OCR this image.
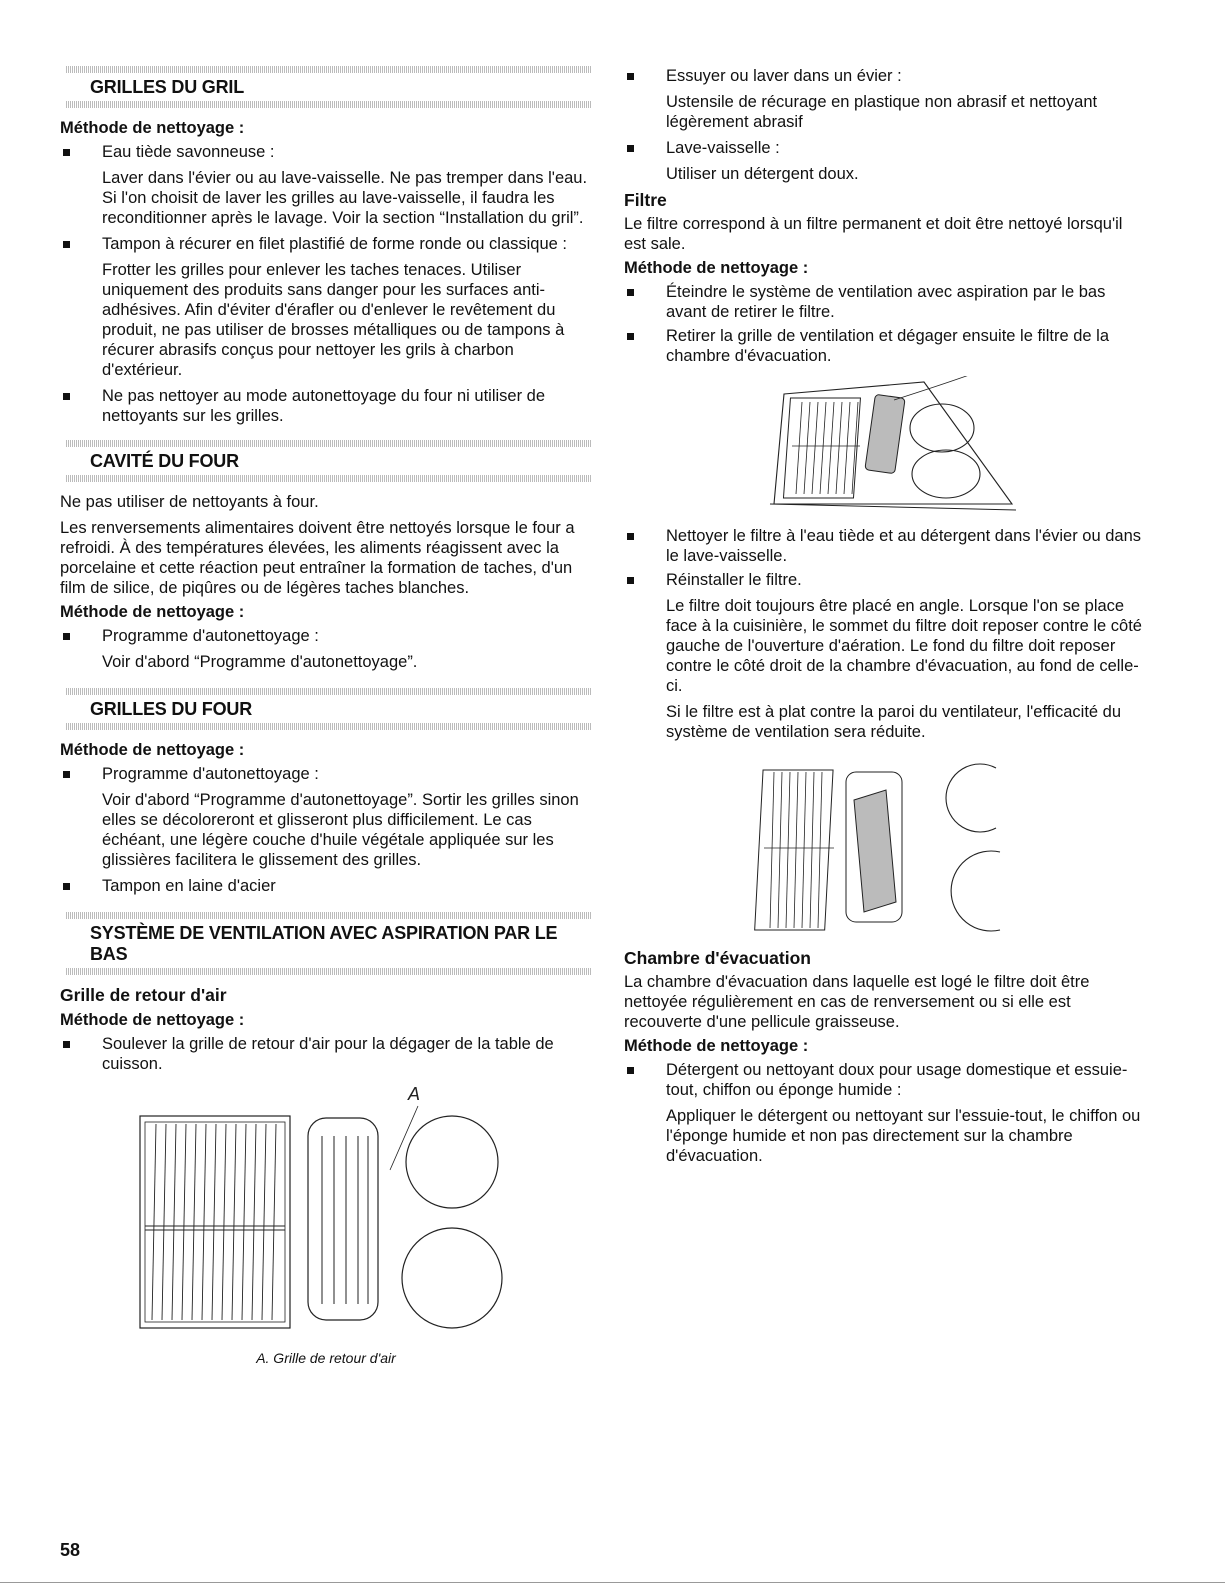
GRILLES DU GRIL
Méthode de nettoyage :

Eau tiède savonneuse :

Laver dans l'évier ou au lave-vaisselle. Ne pas tremper dans l'eau. Si l'on choisit de laver les grilles au lave-vaisselle, il faudra les reconditionner après le lavage. Voir la section “Installation du gril”.

Tampon à récurer en filet plastifié de forme ronde ou classique :

Frotter les grilles pour enlever les taches tenaces. Utiliser uniquement des produits sans danger pour les surfaces anti-adhésives. Afin d'éviter d'érafler ou d'enlever le revêtement du produit, ne pas utiliser de brosses métalliques ou de tampons à récurer abrasifs conçus pour nettoyer les grils à charbon d'extérieur.

Ne pas nettoyer au mode autonettoyage du four ni utiliser de nettoyants sur les grilles.

CAVITÉ DU FOUR

Ne pas utiliser de nettoyants à four.

Les renversements alimentaires doivent être nettoyés lorsque le four a refroidi. À des températures élevées, les aliments réagissent avec la porcelaine et cette réaction peut entraîner la formation de taches, d'un film de silice, de piqûres ou de légères taches blanches.

Méthode de nettoyage :

Programme d'autonettoyage :

Voir d'abord “Programme d'autonettoyage”.

GRILLES DU FOUR
Méthode de nettoyage :

Programme d'autonettoyage :

Voir d'abord “Programme d'autonettoyage”. Sortir les grilles sinon elles se décoloreront et glisseront plus difficilement. Le cas échéant, une légère couche d'huile végétale appliquée sur les glissières facilitera le glissement des grilles.

Tampon en laine d'acier

SYSTÈME DE VENTILATION AVEC ASPIRATION PAR LE BAS
Grille de retour d'air
Méthode de nettoyage :

Soulever la grille de retour d'air pour la dégager de la table de cuisson.

A

A. Grille de retour d'air

Essuyer ou laver dans un évier :

Ustensile de récurage en plastique non abrasif et nettoyant légèrement abrasif

Lave-vaisselle :

Utiliser un détergent doux.

Filtre

Le filtre correspond à un filtre permanent et doit être nettoyé lorsqu'il est sale.

Méthode de nettoyage :

Éteindre le système de ventilation avec aspiration par le bas avant de retirer le filtre.

Retirer la grille de ventilation et dégager ensuite le filtre de la chambre d'évacuation.

Nettoyer le filtre à l'eau tiède et au détergent dans l'évier ou dans le lave-vaisselle.

Réinstaller le filtre.

Le filtre doit toujours être placé en angle. Lorsque l'on se place face à la cuisinière, le sommet du filtre doit reposer contre le côté gauche de l'ouverture d'aération. Le fond du filtre doit reposer contre le côté droit de la chambre d'évacuation, au fond de celle-ci.

Si le filtre est à plat contre la paroi du ventilateur, l'efficacité du système de ventilation sera réduite.

Chambre d'évacuation

La chambre d'évacuation dans laquelle est logé le filtre doit être nettoyée régulièrement en cas de renversement ou si elle est recouverte d'une pellicule graisseuse.

Méthode de nettoyage :

Détergent ou nettoyant doux pour usage domestique et essuie-tout, chiffon ou éponge humide :

Appliquer le détergent ou nettoyant sur l'essuie-tout, le chiffon ou l'éponge humide et non pas directement sur la chambre d'évacuation.

58
